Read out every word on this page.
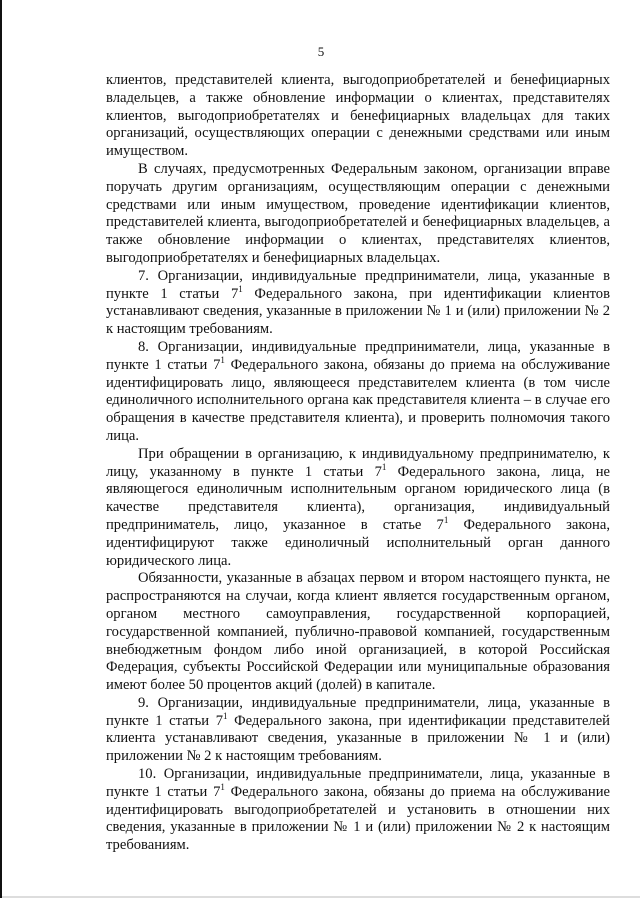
5

клиентов, представителей клиента, выгодоприобретателей и бенефициарных владельцев, а также обновление информации о клиентах, представителях клиентов, выгодоприобретателях и бенефициарных владельцах для таких организаций, осуществляющих операции с денежными средствами или иным имуществом.

В случаях, предусмотренных Федеральным законом, организации вправе поручать другим организациям, осуществляющим операции с денежными средствами или иным имуществом, проведение идентификации клиентов, представителей клиента, выгодоприобретателей и бенефициарных владельцев, а также обновление информации о клиентах, представителях клиентов, выгодоприобретателях и бенефициарных владельцах.

7. Организации, индивидуальные предприниматели, лица, указанные в пункте 1 статьи $7^1$ Федерального закона, при идентификации клиентов устанавливают сведения, указанные в приложении № 1 и (или) приложении № 2 к настоящим требованиям.

8. Организации, индивидуальные предприниматели, лица, указанные в пункте 1 статьи $7^1$ Федерального закона, обязаны до приема на обслуживание идентифицировать лицо, являющееся представителем клиента (в том числе единоличного исполнительного органа как представителя клиента – в случае его обращения в качестве представителя клиента), и проверить полномочия такого лица.

При обращении в организацию, к индивидуальному предпринимателю, к лицу, указанному в пункте 1 статьи $7^1$ Федерального закона, лица, не являющегося единоличным исполнительным органом юридического лица (в качестве представителя клиента), организация, индивидуальный предприниматель, лицо, указанное в статье $7^1$ Федерального закона, идентифицируют также единоличный исполнительный орган данного юридического лица.

Обязанности, указанные в абзацах первом и втором настоящего пункта, не распространяются на случаи, когда клиент является государственным органом, органом местного самоуправления, государственной корпорацией, государственной компанией, публично-правовой компанией, государственным внебюджетным фондом либо иной организацией, в которой Российская Федерация, субъекты Российской Федерации или муниципальные образования имеют более 50 процентов акций (долей) в капитале.

9. Организации, индивидуальные предприниматели, лица, указанные в пункте 1 статьи $7^1$ Федерального закона, при идентификации представителей клиента устанавливают сведения, указанные в приложении № 1 и (или) приложении № 2 к настоящим требованиям.

10. Организации, индивидуальные предприниматели, лица, указанные в пункте 1 статьи $7^1$ Федерального закона, обязаны до приема на обслуживание идентифицировать выгодоприобретателей и установить в отношении них сведения, указанные в приложении № 1 и (или) приложении № 2 к настоящим требованиям.
